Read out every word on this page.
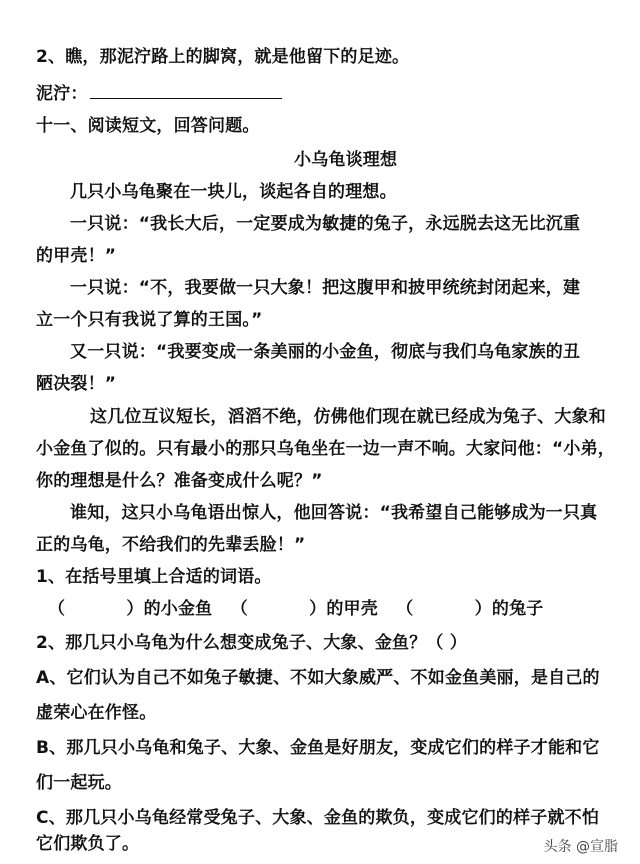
2、瞧，那泥泞路上的脚窝，就是他留下的足迹。
泥泞：
十一、阅读短文，回答问题。
小乌龟谈理想
几只小乌龟聚在一块儿，谈起各自的理想。
一只说：“我长大后，一定要成为敏捷的兔子，永远脱去这无比沉重
的甲壳！”
一只说：“不，我要做一只大象！把这腹甲和披甲统统封闭起来，建
立一个只有我说了算的王国。”
又一只说：“我要变成一条美丽的小金鱼，彻底与我们乌龟家族的丑
陋决裂！”
这几位互议短长，滔滔不绝，仿佛他们现在就已经成为兔子、大象和
小金鱼了似的。只有最小的那只乌龟坐在一边一声不响。大家问他：“小弟，
你的理想是什么？准备变成什么呢？”
谁知，这只小乌龟语出惊人，他回答说：“我希望自己能够成为一只真
正的乌龟，不给我们的先辈丢脸！”
1、在括号里填上合适的词语。
（          ）的小金鱼   （          ）的甲壳   （          ）的兔子
2、那几只小乌龟为什么想变成兔子、大象、金鱼？（ ）
A、它们认为自己不如兔子敏捷、不如大象威严、不如金鱼美丽，是自己的
虚荣心在作怪。
B、那几只小乌龟和兔子、大象、金鱼是好朋友，变成它们的样子才能和它
们一起玩。
C、那几只小乌龟经常受兔子、大象、金鱼的欺负，变成它们的样子就不怕
它们欺负了。	头条 @宣脂
